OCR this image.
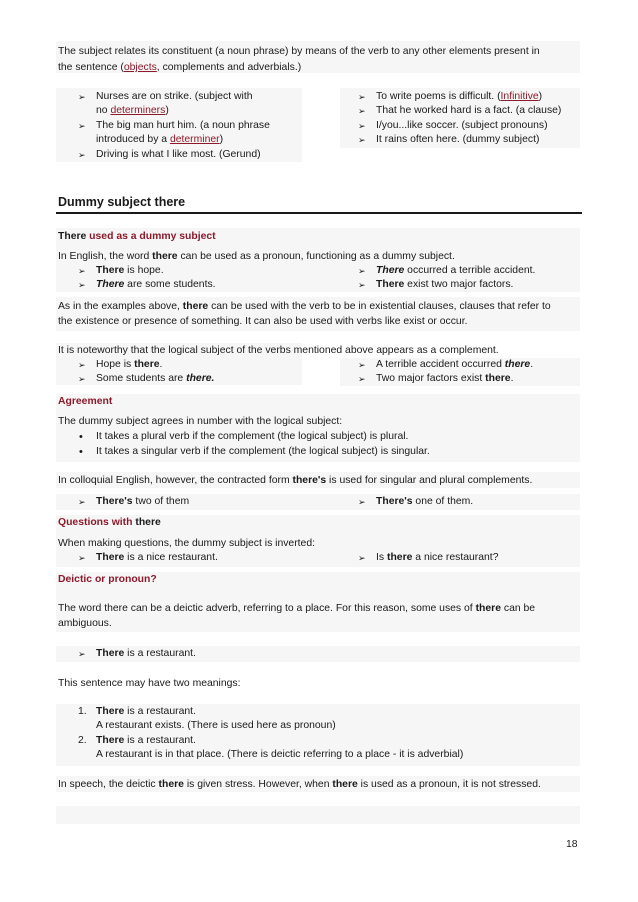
The subject relates its constituent (a noun phrase) by means of the verb to any other elements present in
the sentence (objects, complements and adverbials.)
➢ Nurses are on strike. (subject with
no determiners)
➢ The big man hurt him. (a noun phrase
introduced by a determiner)
➢ Driving is what I like most. (Gerund)
➢ To write poems is difficult. (Infinitive)
➢ That he worked hard is a fact. (a clause)
➢ I/you...like soccer. (subject pronouns)
➢ It rains often here. (dummy subject)
Dummy subject there
There used as a dummy subject
In English, the word there can be used as a pronoun, functioning as a dummy subject.
➢ There is hope.
➢ There are some students.
➢ There occurred a terrible accident.
➢ There exist two major factors.
As in the examples above, there can be used with the verb to be in existential clauses, clauses that refer to
the existence or presence of something. It can also be used with verbs like exist or occur.
It is noteworthy that the logical subject of the verbs mentioned above appears as a complement.
➢ Hope is there.
➢ Some students are there.
➢ A terrible accident occurred there.
➢ Two major factors exist there.
Agreement
The dummy subject agrees in number with the logical subject:
• It takes a plural verb if the complement (the logical subject) is plural.
• It takes a singular verb if the complement (the logical subject) is singular.
In colloquial English, however, the contracted form there's is used for singular and plural complements.
➢ There's two of them	➢ There's one of them.
Questions with there
When making questions, the dummy subject is inverted:
➢ There is a nice restaurant.	➢ Is there a nice restaurant?
Deictic or pronoun?
The word there can be a deictic adverb, referring to a place. For this reason, some uses of there can be
ambiguous.
➢ There is a restaurant.
This sentence may have two meanings:
1. There is a restaurant.
A restaurant exists. (There is used here as pronoun)
2. There is a restaurant.
A restaurant is in that place. (There is deictic referring to a place - it is adverbial)
In speech, the deictic there is given stress. However, when there is used as a pronoun, it is not stressed.
18
